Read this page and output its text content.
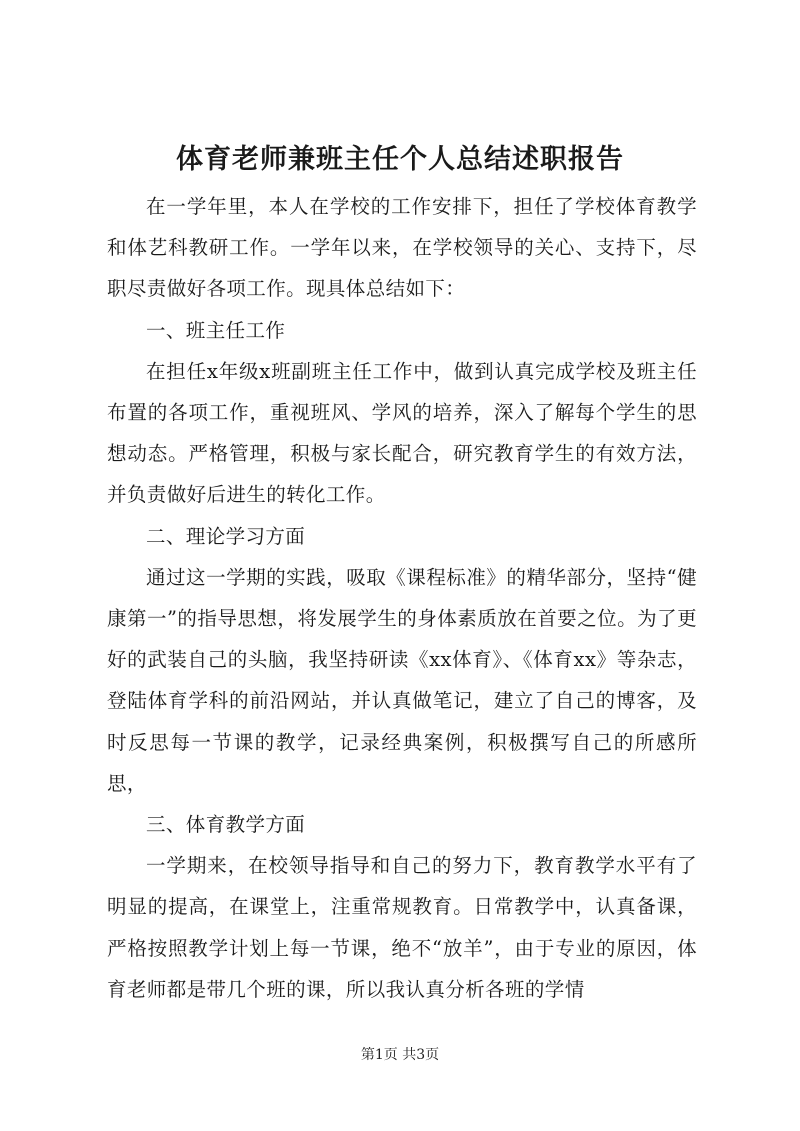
体育老师兼班主任个人总结述职报告

在一学年里，本人在学校的工作安排下，担任了学校体育教学和体艺科教研工作。一学年以来，在学校领导的关心、支持下，尽职尽责做好各项工作。现具体总结如下：

一、班主任工作

在担任x年级x班副班主任工作中，做到认真完成学校及班主任布置的各项工作，重视班风、学风的培养，深入了解每个学生的思想动态。严格管理，积极与家长配合，研究教育学生的有效方法，并负责做好后进生的转化工作。

二、理论学习方面

通过这一学期的实践，吸取《课程标准》的精华部分，坚持“健康第一”的指导思想，将发展学生的身体素质放在首要之位。为了更好的武装自己的头脑，我坚持研读《xx体育》、《体育xx》等杂志，登陆体育学科的前沿网站，并认真做笔记，建立了自己的博客，及时反思每一节课的教学，记录经典案例，积极撰写自己的所感所思，

三、体育教学方面

一学期来，在校领导指导和自己的努力下，教育教学水平有了明显的提高，在课堂上，注重常规教育。日常教学中，认真备课，严格按照教学计划上每一节课，绝不“放羊”，由于专业的原因，体育老师都是带几个班的课，所以我认真分析各班的学情

第1页 共3页
